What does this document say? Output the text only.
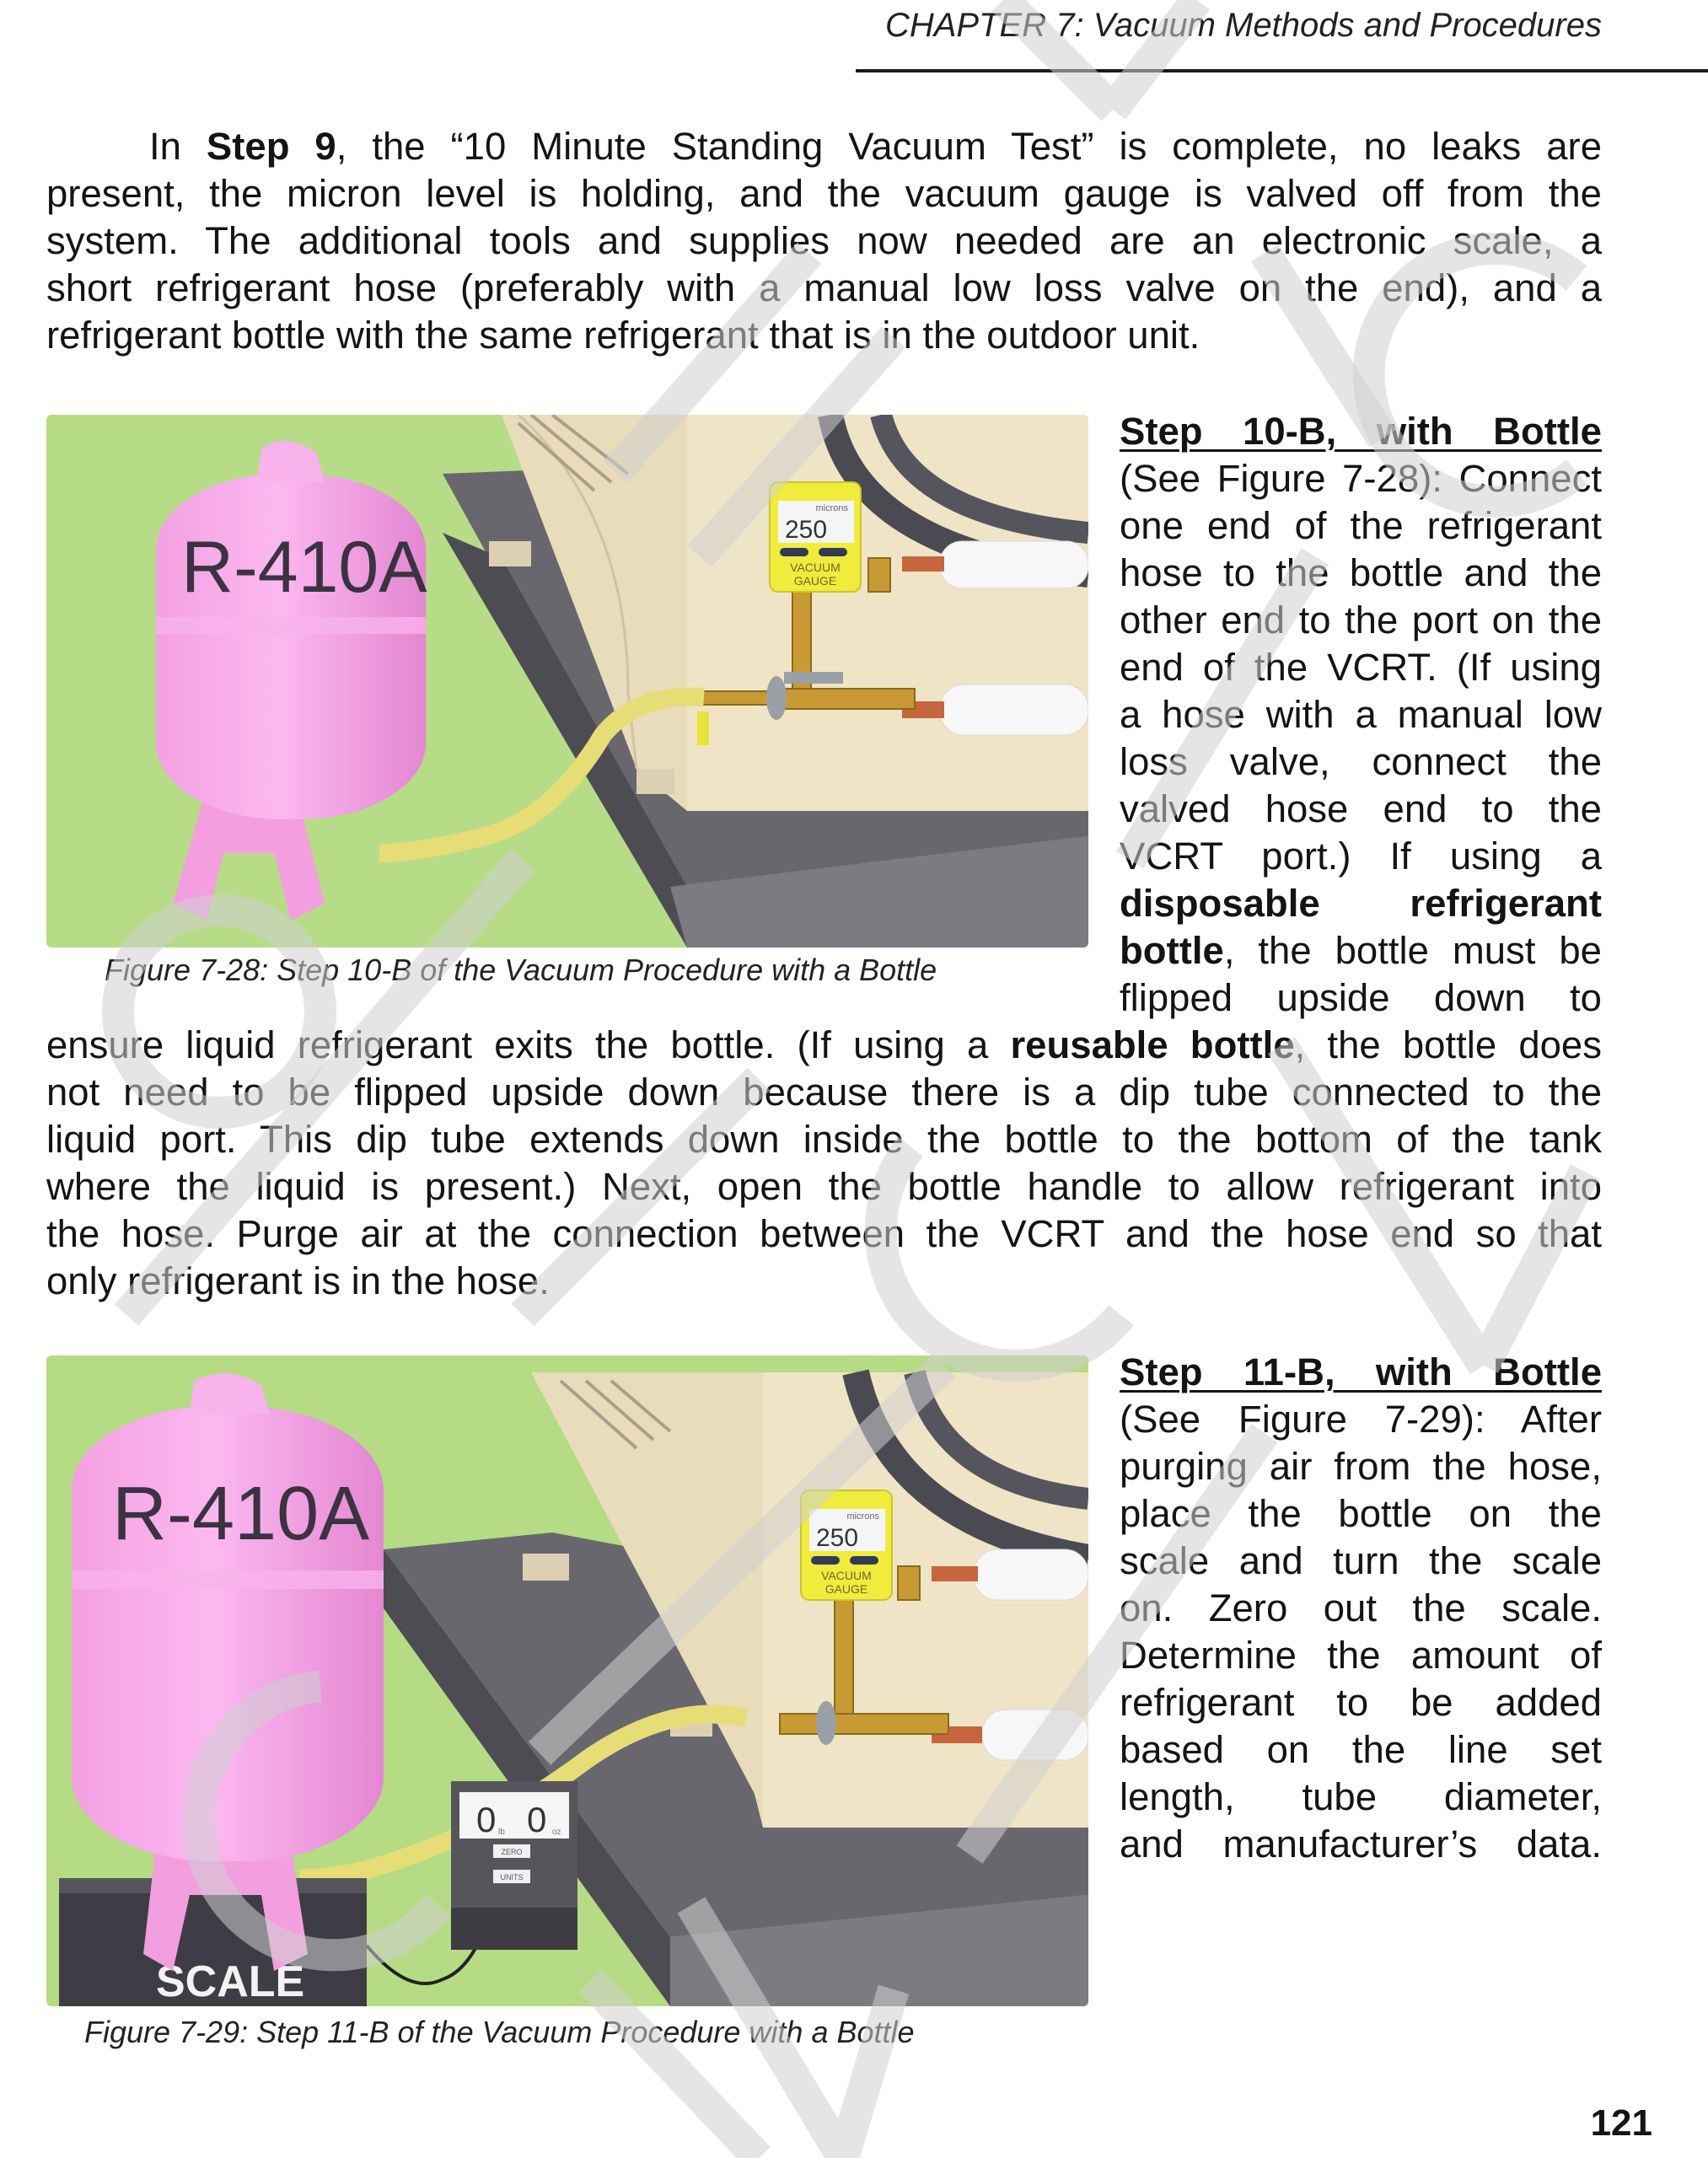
CHAPTER 7: Vacuum Methods and Procedures
In Step 9, the “10 Minute Standing Vacuum Test” is complete, no leaks are
present, the micron level is holding, and the vacuum gauge is valved off from the
system. The additional tools and supplies now needed are an electronic scale, a
short refrigerant hose (preferably with a manual low loss valve on the end), and a
refrigerant bottle with the same refrigerant that is in the outdoor unit.
microns
250
VACUUM
GAUGE
R-410A
Figure 7-28: Step 10-B of the Vacuum Procedure with a Bottle
Step 10-B, with Bottle
(See Figure 7-28): Connect
one end of the refrigerant
hose to the bottle and the
other end to the port on the
end of the VCRT. (If using
a hose with a manual low
loss valve, connect the
valved hose end to the
VCRT port.) If using a
disposable refrigerant
bottle, the bottle must be
flipped upside down to
ensure liquid refrigerant exits the bottle. (If using a reusable bottle, the bottle does
not need to be flipped upside down because there is a dip tube connected to the
liquid port. This dip tube extends down inside the bottle to the bottom of the tank
where the liquid is present.) Next, open the bottle handle to allow refrigerant into
the hose. Purge air at the connection between the VCRT and the hose end so that
only refrigerant is in the hose.
microns
250
VACUUM
GAUGE
SCALE
0 lb 0 oz
ZERO
UNITS
R-410A
Figure 7-29: Step 11-B of the Vacuum Procedure with a Bottle
Step 11-B, with Bottle
(See Figure 7-29): After
purging air from the hose,
place the bottle on the
scale and turn the scale
on. Zero out the scale.
Determine the amount of
refrigerant to be added
based on the line set
length, tube diameter,
and manufacturer’s data.
121
